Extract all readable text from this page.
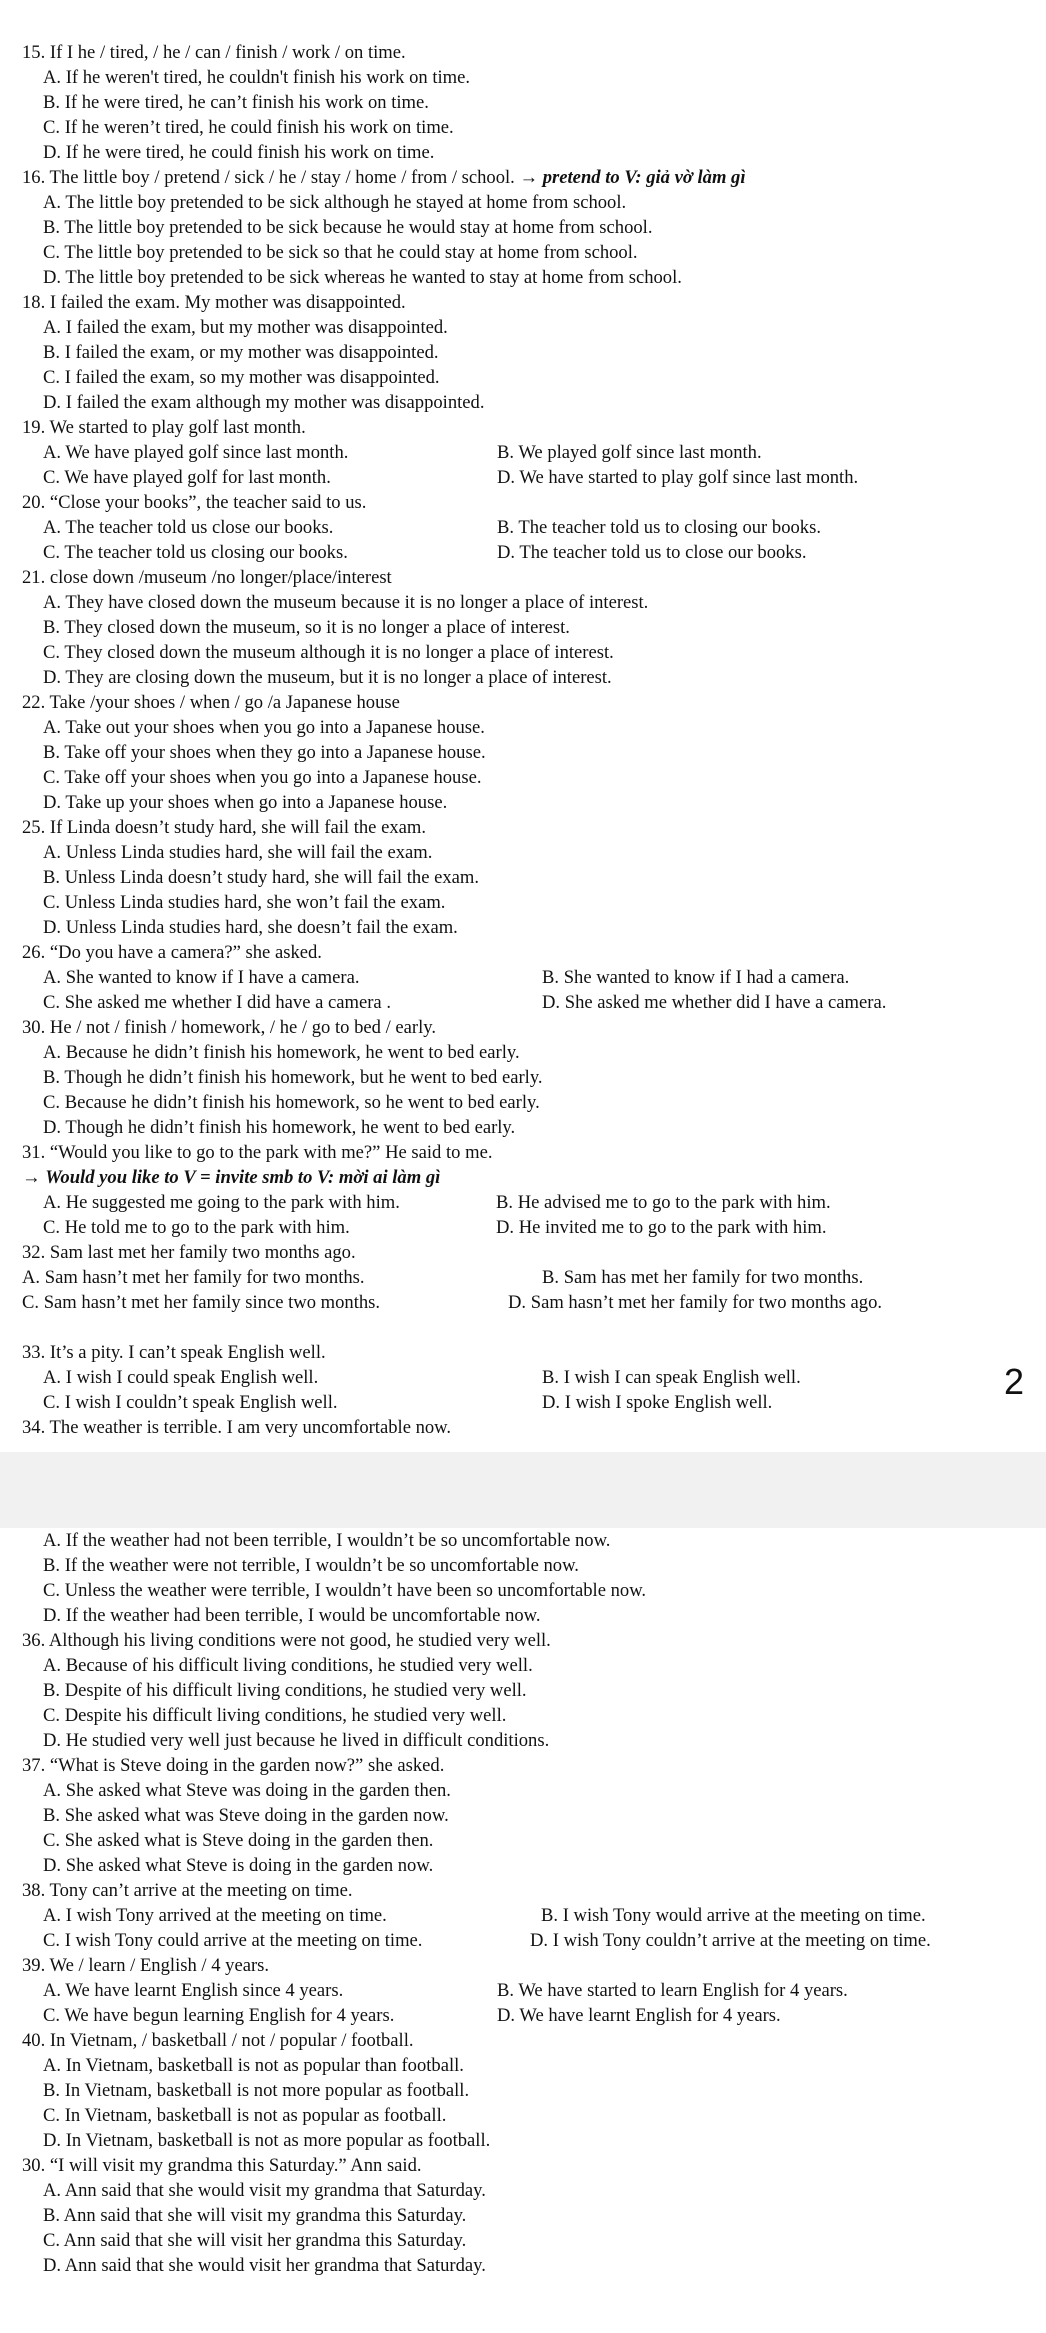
15. If I he / tired, / he / can / finish / work / on time.
A. If he weren't tired, he couldn't finish his work on time.
B. If he were tired, he can’t finish his work on time.
C. If he weren’t tired, he could finish his work on time.
D. If he were tired, he could finish his work on time.
16. The little boy / pretend / sick / he / stay / home / from / school. → pretend to V: giả vờ làm gì
A. The little boy pretended to be sick although he stayed at home from school.
B. The little boy pretended to be sick because he would stay at home from school.
C. The little boy pretended to be sick so that he could stay at home from school.
D. The little boy pretended to be sick whereas he wanted to stay at home from school.
18. I failed the exam. My mother was disappointed.
A. I failed the exam, but my mother was disappointed.
B. I failed the exam, or my mother was disappointed.
C. I failed the exam, so my mother was disappointed.
D. I failed the exam although my mother was disappointed.
19. We started to play golf last month.
A. We have played golf since last month.	B. We played golf since last month.
C. We have played golf for last month.	D. We have started to play golf since last month.
20. “Close your books”, the teacher said to us.
A. The teacher told us close our books.	B. The teacher told us to closing our books.
C. The teacher told us closing our books.	D. The teacher told us to close our books.
21. close down /museum /no longer/place/interest
A. They have closed down the museum because it is no longer a place of interest.
B. They closed down the museum, so it is no longer a place of interest.
C. They closed down the museum although it is no longer a place of interest.
D. They are closing down the museum, but it is no longer a place of interest.
22. Take /your shoes / when / go /a Japanese house
A. Take out your shoes when you go into a Japanese house.
B. Take off your shoes when they go into a Japanese house.
C. Take off your shoes when you go into a Japanese house.
D. Take up your shoes when go into a Japanese house.
25. If Linda doesn’t study hard, she will fail the exam.
A. Unless Linda studies hard, she will fail the exam.
B. Unless Linda doesn’t study hard, she will fail the exam.
C. Unless Linda studies hard, she won’t fail the exam.
D. Unless Linda studies hard, she doesn’t fail the exam.
26. “Do you have a camera?” she asked.
A. She wanted to know if I have a camera.	B. She wanted to know if I had a camera.
C. She asked me whether I did have a camera .	D. She asked me whether did I have a camera.
30. He / not / finish / homework, / he / go to bed / early.
A. Because he didn’t finish his homework, he went to bed early.
B. Though he didn’t finish his homework, but he went to bed early.
C. Because he didn’t finish his homework, so he went to bed early.
D. Though he didn’t finish his homework, he went to bed early.
31. “Would you like to go to the park with me?” He said to me.
→ Would you like to V = invite smb to V: mời ai làm gì
A. He suggested me going to the park with him.	B. He advised me to go to the park with him.
C. He told me to go to the park with him.	D. He invited me to go to the park with him.
32. Sam last met her family two months ago.
A. Sam hasn’t met her family for two months.	B. Sam has met her family for two months.
C. Sam hasn’t met her family since two months.	D. Sam hasn’t met her family for two months ago.
33. It’s a pity. I can’t speak English well.
A. I wish I could speak English well.	B. I wish I can speak English well.
C. I wish I couldn’t speak English well.	D. I wish I spoke English well.
34. The weather is terrible. I am very uncomfortable now.
2
A. If the weather had not been terrible, I wouldn’t be so uncomfortable now.
B. If the weather were not terrible, I wouldn’t be so uncomfortable now.
C. Unless the weather were terrible, I wouldn’t have been so uncomfortable now.
D. If the weather had been terrible, I would be uncomfortable now.
36. Although his living conditions were not good, he studied very well.
A. Because of his difficult living conditions, he studied very well.
B. Despite of his difficult living conditions, he studied very well.
C. Despite his difficult living conditions, he studied very well.
D. He studied very well just because he lived in difficult conditions.
37. “What is Steve doing in the garden now?” she asked.
A. She asked what Steve was doing in the garden then.
B. She asked what was Steve doing in the garden now.
C. She asked what is Steve doing in the garden then.
D. She asked what Steve is doing in the garden now.
38. Tony can’t arrive at the meeting on time.
A. I wish Tony arrived at the meeting on time.	B. I wish Tony would arrive at the meeting on time.
C. I wish Tony could arrive at the meeting on time.	D. I wish Tony couldn’t arrive at the meeting on time.
39. We / learn / English / 4 years.
A. We have learnt English since 4 years.	B. We have started to learn English for 4 years.
C. We have begun learning English for 4 years.	D. We have learnt English for 4 years.
40. In Vietnam, / basketball / not / popular / football.
A. In Vietnam, basketball is not as popular than football.
B. In Vietnam, basketball is not more popular as football.
C. In Vietnam, basketball is not as popular as football.
D. In Vietnam, basketball is not as more popular as football.
30. “I will visit my grandma this Saturday.” Ann said.
A. Ann said that she would visit my grandma that Saturday.
B. Ann said that she will visit my grandma this Saturday.
C. Ann said that she will visit her grandma this Saturday.
D. Ann said that she would visit her grandma that Saturday.
